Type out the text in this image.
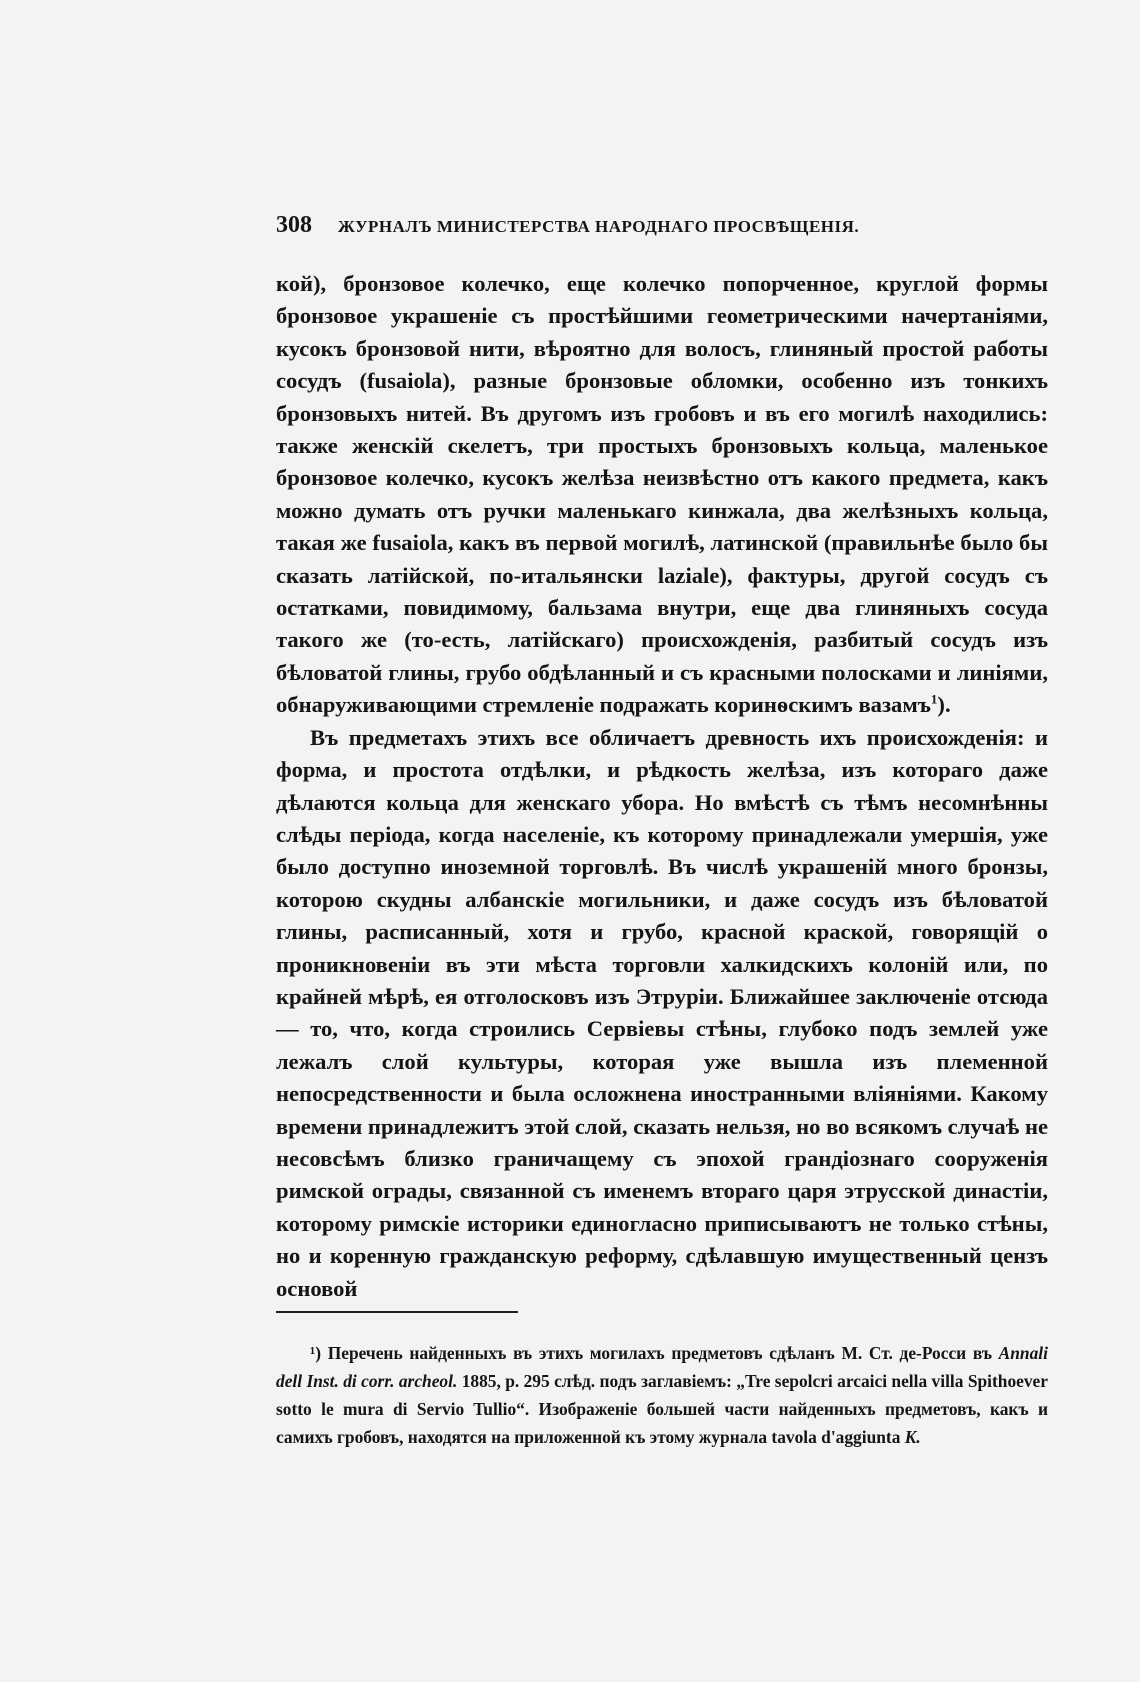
308 ЖУРНАЛЪ МИНИСТЕРСТВА НАРОДНАГО ПРОСВѢЩЕНІЯ.

кой), бронзовое колечко, еще колечко попорченное, круглой формы бронзовое украшеніе съ простѣйшими геометрическими начертаніями, кусокъ бронзовой нити, вѣроятно для волосъ, глиняный простой работы сосудъ (fusaiola), разные бронзовые обломки, особенно изъ тонкихъ бронзовыхъ нитей. Въ другомъ изъ гробовъ и въ его могилѣ находились: также женскій скелетъ, три простыхъ бронзовыхъ кольца, маленькое бронзовое колечко, кусокъ желѣза неизвѣстно отъ какого предмета, какъ можно думать отъ ручки маленькаго кинжала, два желѣзныхъ кольца, такая же fusaiola, какъ въ первой могилѣ, латинской (правильнѣе было бы сказать латійской, по-итальянски laziale), фактуры, другой сосудъ съ остатками, повидимому, бальзама внутри, еще два глиняныхъ сосуда такого же (то-есть, латійскаго) происхожденія, разбитый сосудъ изъ бѣловатой глины, грубо обдѣланный и съ красными полосками и линіями, обнаруживающими стремленіе подражать коринѳскимъ вазамъ$^1$).

Въ предметахъ этихъ все обличаетъ древность ихъ происхожденія: и форма, и простота отдѣлки, и рѣдкость желѣза, изъ котораго даже дѣлаются кольца для женскаго убора. Но вмѣстѣ съ тѣмъ несомнѣнны слѣды періода, когда населеніе, къ которому принадлежали умершія, уже было доступно иноземной торговлѣ. Въ числѣ украшеній много бронзы, которою скудны албанскіе могильники, и даже сосудъ изъ бѣловатой глины, расписанный, хотя и грубо, красной краской, говорящій о проникновеніи въ эти мѣста торговли халкидскихъ колоній или, по крайней мѣрѣ, ея отголосковъ изъ Этруріи. Ближайшее заключеніе отсюда — то, что, когда строились Сервіевы стѣны, глубоко подъ землей уже лежалъ слой культуры, которая уже вышла изъ племенной непосредственности и была осложнена иностранными вліяніями. Какому времени принадлежитъ этой слой, сказать нельзя, но во всякомъ случаѣ не несовсѣмъ близко граничащему съ эпохой грандіознаго сооруженія римской ограды, связанной съ именемъ втораго царя этрусской династіи, которому римскіе историки единогласно приписываютъ не только стѣны, но и коренную гражданскую реформу, сдѣлавшую имущественный цензъ основой

¹) Перечень найденныхъ въ этихъ могилахъ предметовъ сдѣланъ М. Ст. де-Росси въ Annali dell Inst. di corr. archeol. 1885, p. 295 слѣд. подъ заглавіемъ: „Tre sepolcri arcaici nella villa Spithoever sotto le mura di Servio Tullio“. Изображеніе большей части найденныхъ предметовъ, какъ и самихъ гробовъ, находятся на приложенной къ этому журнала tavola d'aggiunta K.
